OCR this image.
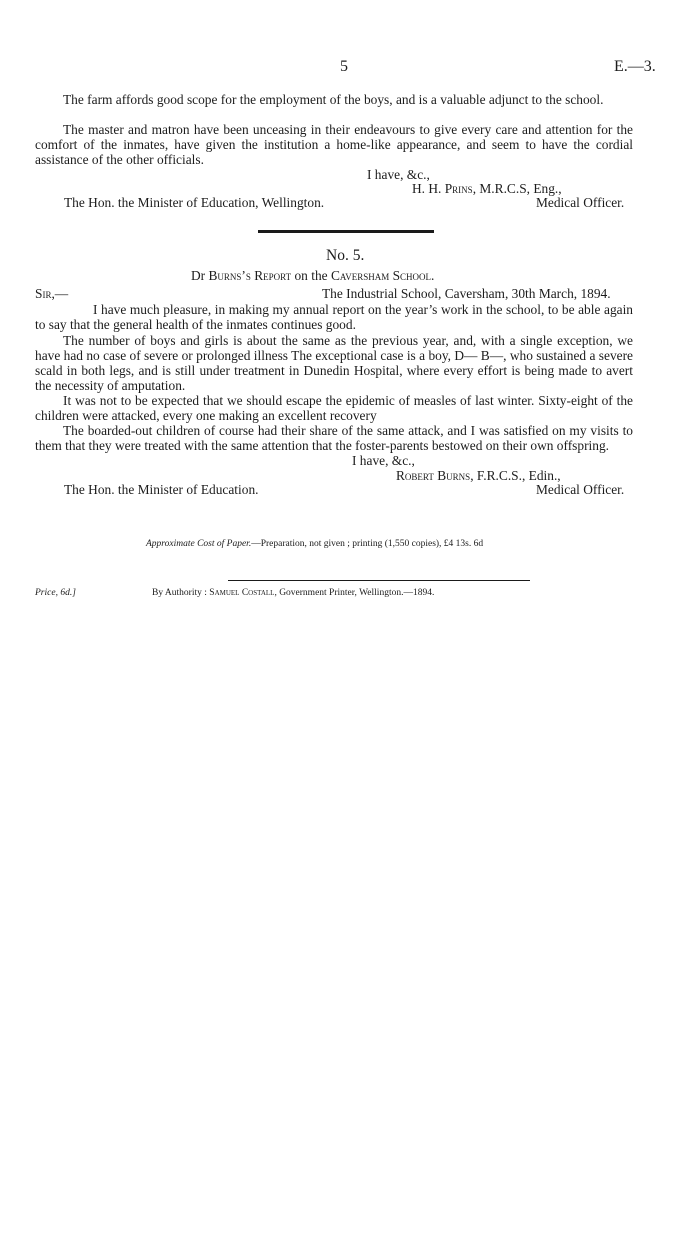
5	E.—3.

The farm affords good scope for the employment of the boys, and is a valuable adjunct to the school.

The master and matron have been unceasing in their endeavours to give every care and attention for the comfort of the inmates, have given the institution a home-like appearance, and seem to have the cordial assistance of the other officials.

I have, &c.,
H. H. Prins, M.R.C.S, Eng.,
The Hon. the Minister of Education, Wellington.	Medical Officer.
No. 5.
Dr Burns’s Report on the Caversham School.
Sir,—	The Industrial School, Caversham, 30th March, 1894.

I have much pleasure, in making my annual report on the year’s work in the school, to be able again to say that the general health of the inmates continues good.

The number of boys and girls is about the same as the previous year, and, with a single exception, we have had no case of severe or prolonged illness The exceptional case is a boy, D— B—, who sustained a severe scald in both legs, and is still under treatment in Dunedin Hospital, where every effort is being made to avert the necessity of amputation.

It was not to be expected that we should escape the epidemic of measles of last winter. Sixty-eight of the children were attacked, every one making an excellent recovery

The boarded-out children of course had their share of the same attack, and I was satisfied on my visits to them that they were treated with the same attention that the foster-parents bestowed on their own offspring.

I have, &c.,
Robert Burns, F.R.C.S., Edin.,
The Hon. the Minister of Education.	Medical Officer.
Approximate Cost of Paper.—Preparation, not given ; printing (1,550 copies), £4 13s. 6d
Price, 6d.]	By Authority : Samuel Costall, Government Printer, Wellington.—1894.
